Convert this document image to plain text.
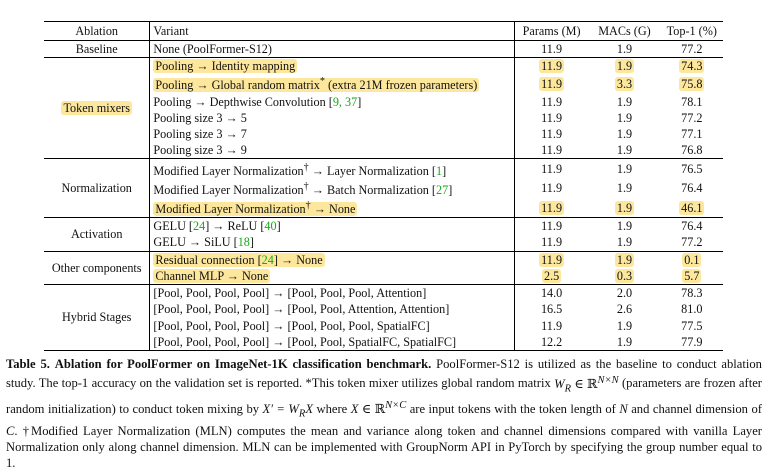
Ablation	Variant	Params (M)	MACs (G)	Top-1 (%)
Baseline	None (PoolFormer-S12)	11.9	1.9	77.2
Token mixers	Pooling → Identity mapping	11.9	1.9	74.3
	Pooling → Global random matrix* (extra 21M frozen parameters)	11.9	3.3	75.8
	Pooling → Depthwise Convolution [9, 37]	11.9	1.9	78.1
	Pooling size 3 → 5	11.9	1.9	77.2
	Pooling size 3 → 7	11.9	1.9	77.1
	Pooling size 3 → 9	11.9	1.9	76.8
Normalization	Modified Layer Normalization† → Layer Normalization [1]	11.9	1.9	76.5
	Modified Layer Normalization† → Batch Normalization [27]	11.9	1.9	76.4
	Modified Layer Normalization† → None	11.9	1.9	46.1
Activation	GELU [24] → ReLU [40]	11.9	1.9	76.4
	GELU → SiLU [18]	11.9	1.9	77.2
Other components	Residual connection [24] → None	11.9	1.9	0.1
	Channel MLP → None	2.5	0.3	5.7
Hybrid Stages	[Pool, Pool, Pool, Pool] → [Pool, Pool, Pool, Attention]	14.0	2.0	78.3
	[Pool, Pool, Pool, Pool] → [Pool, Pool, Attention, Attention]	16.5	2.6	81.0
	[Pool, Pool, Pool, Pool] → [Pool, Pool, Pool, SpatialFC]	11.9	1.9	77.5
	[Pool, Pool, Pool, Pool] → [Pool, Pool, SpatialFC, SpatialFC]	12.2	1.9	77.9
Table 5. Ablation for PoolFormer on ImageNet-1K classification benchmark. PoolFormer-S12 is utilized as the baseline to conduct ablation study. The top-1 accuracy on the validation set is reported. *This token mixer utilizes global random matrix $W_R$ ∈ ℝ$^{N\times N}$ (parameters are frozen after random initialization) to conduct token mixing by $X' = W_RX$ where X ∈ ℝ$^{N\times C}$ are input tokens with the token length of N and channel dimension of C. †Modified Layer Normalization (MLN) computes the mean and variance along token and channel dimensions compared with vanilla Layer Normalization only along channel dimension. MLN can be implemented with GroupNorm API in PyTorch by specifying the group number equal to 1.
